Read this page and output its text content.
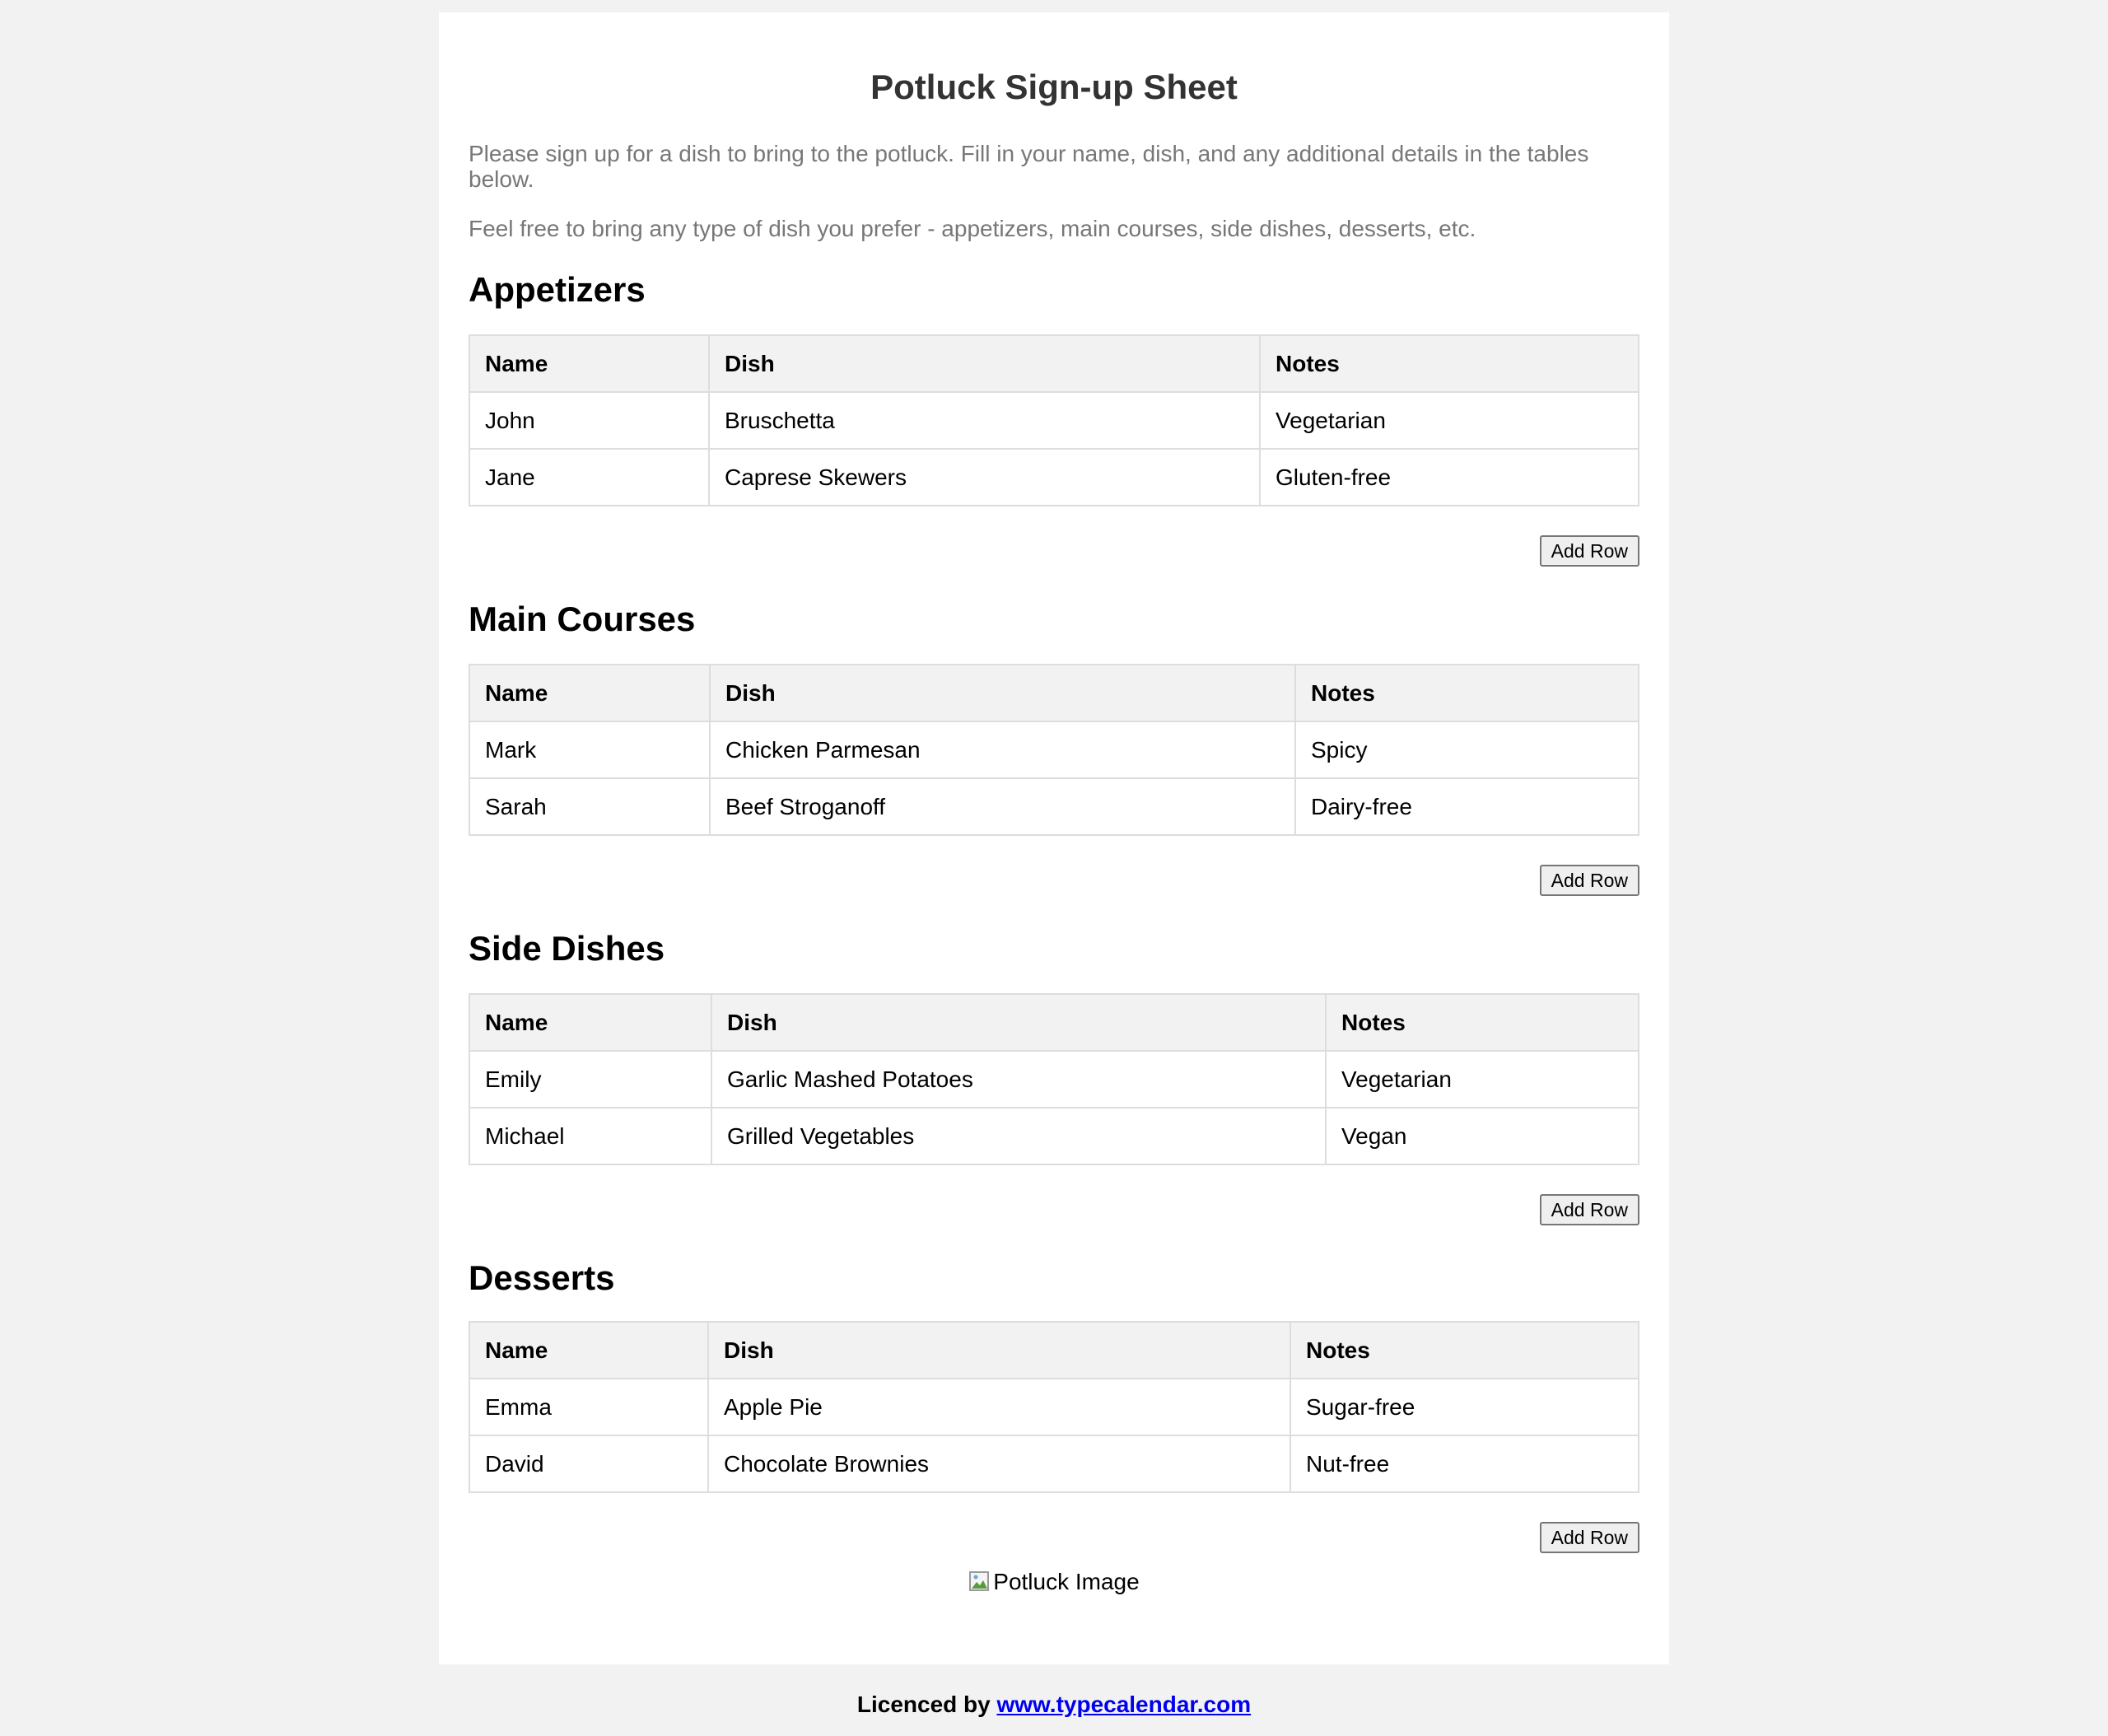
Potluck Sign-up Sheet

Please sign up for a dish to bring to the potluck. Fill in your name, dish, and any additional details in the tables below.

Feel free to bring any type of dish you prefer - appetizers, main courses, side dishes, desserts, etc.

Appetizers
Name	Dish	Notes
John	Bruschetta	Vegetarian
Jane	Caprese Skewers	Gluten-free
Add Row
Main Courses
Name	Dish	Notes
Mark	Chicken Parmesan	Spicy
Sarah	Beef Stroganoff	Dairy-free
Add Row
Side Dishes
Name	Dish	Notes
Emily	Garlic Mashed Potatoes	Vegetarian
Michael	Grilled Vegetables	Vegan
Add Row
Desserts
Name	Dish	Notes
Emma	Apple Pie	Sugar-free
David	Chocolate Brownies	Nut-free
Add Row
Potluck Image
Licenced by www.typecalendar.com
